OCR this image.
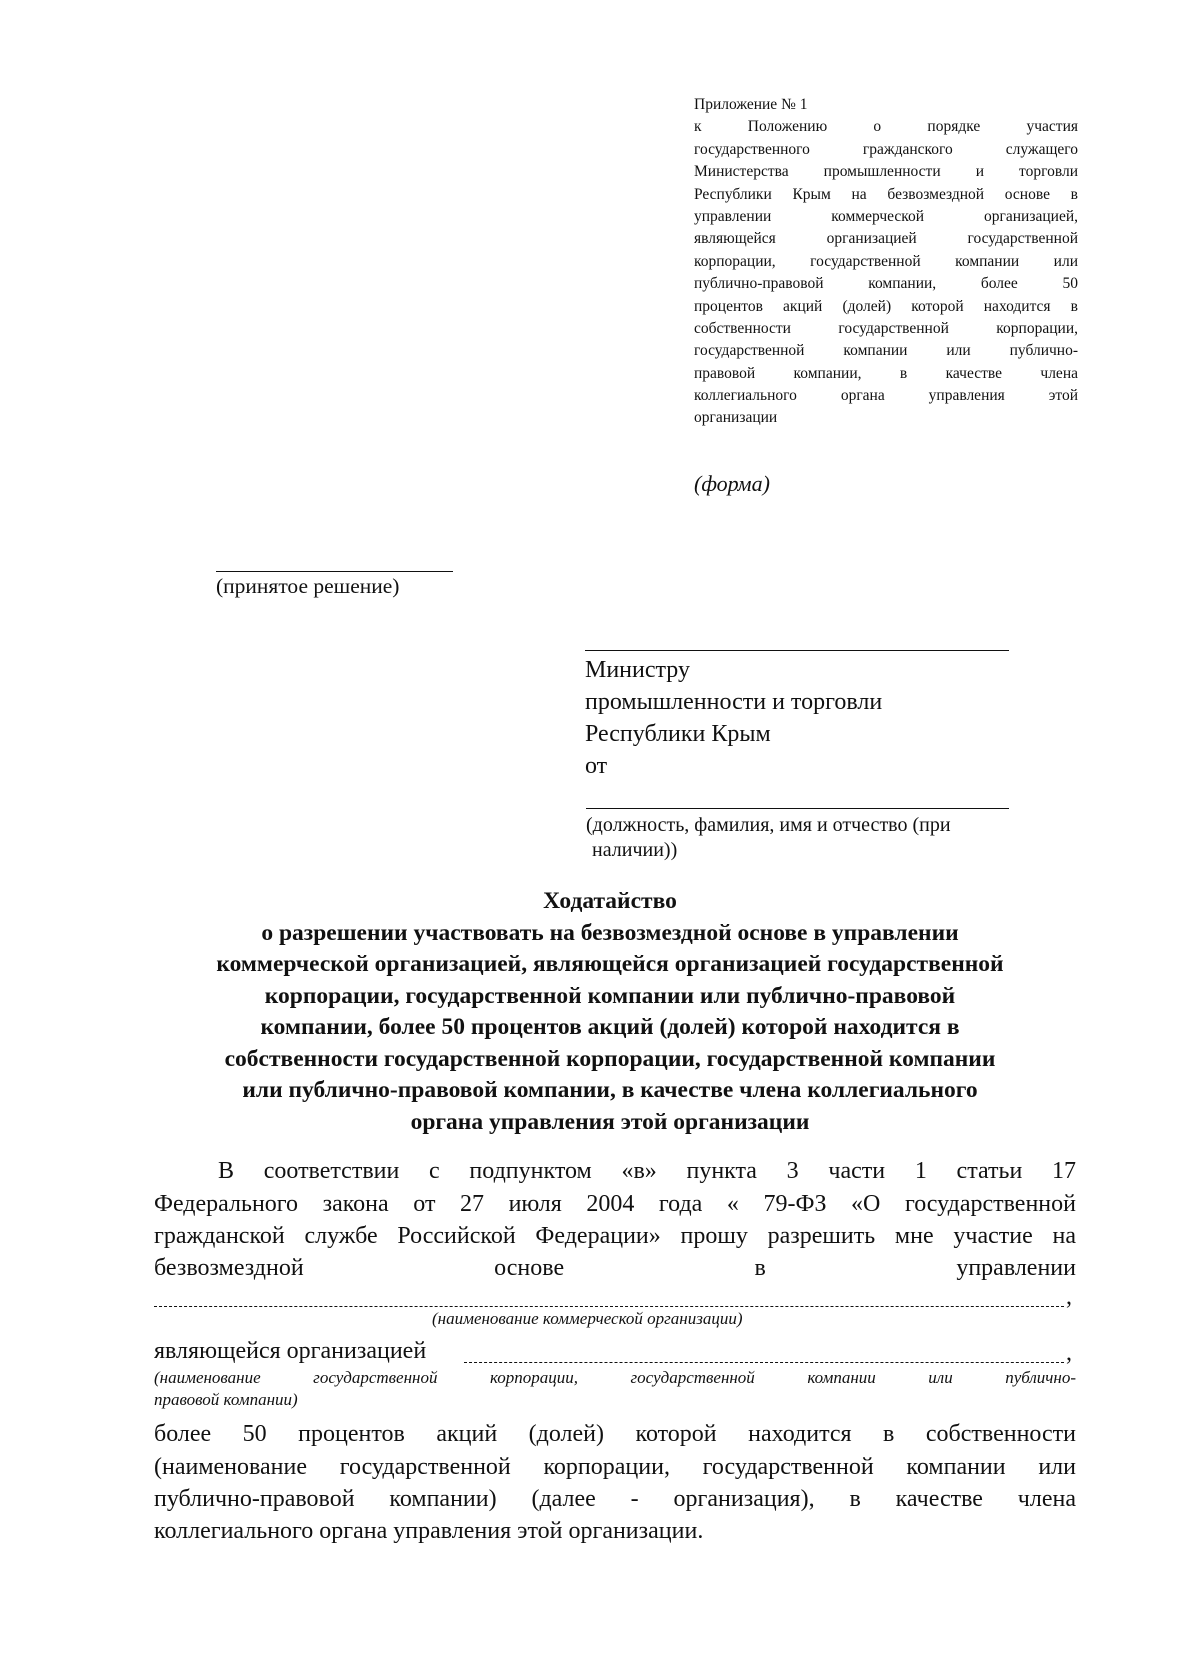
Приложение № 1
к Положению о порядке участия
государственного гражданского служащего
Министерства промышленности и торговли
Республики Крым на безвозмездной основе в
управлении коммерческой организацией,
являющейся организацией государственной
корпорации, государственной компании или
публично-правовой компании, более 50
процентов акций (долей) которой находится в
собственности государственной корпорации,
государственной компании или публично-
правовой компании, в качестве члена
коллегиального органа управления этой
организации
(форма)
(принятое решение)
Министру
промышленности и торговли
Республики Крым
от
(должность, фамилия, имя и отчество (при
наличии))
Ходатайство
о разрешении участвовать на безвозмездной основе в управлении
коммерческой организацией, являющейся организацией государственной
корпорации, государственной компании или публично-правовой
компании, более 50 процентов акций (долей) которой находится в
собственности государственной корпорации, государственной компании
или публично-правовой компании, в качестве члена коллегиального
органа управления этой организации
В соответствии с подпунктом «в» пункта 3 части 1 статьи 17
Федерального закона от 27 июля 2004 года « 79-ФЗ «О государственной
гражданской службе Российской Федерации» прошу разрешить мне участие на
безвозмездной основе в управлении
,
(наименование коммерческой организации)
являющейся организацией	,
(наименование государственной корпорации, государственной компании или публично-
правовой компании)
более 50 процентов акций (долей) которой находится в собственности
(наименование государственной корпорации, государственной компании или
публично-правовой компании) (далее - организация), в качестве члена
коллегиального органа управления этой организации.
